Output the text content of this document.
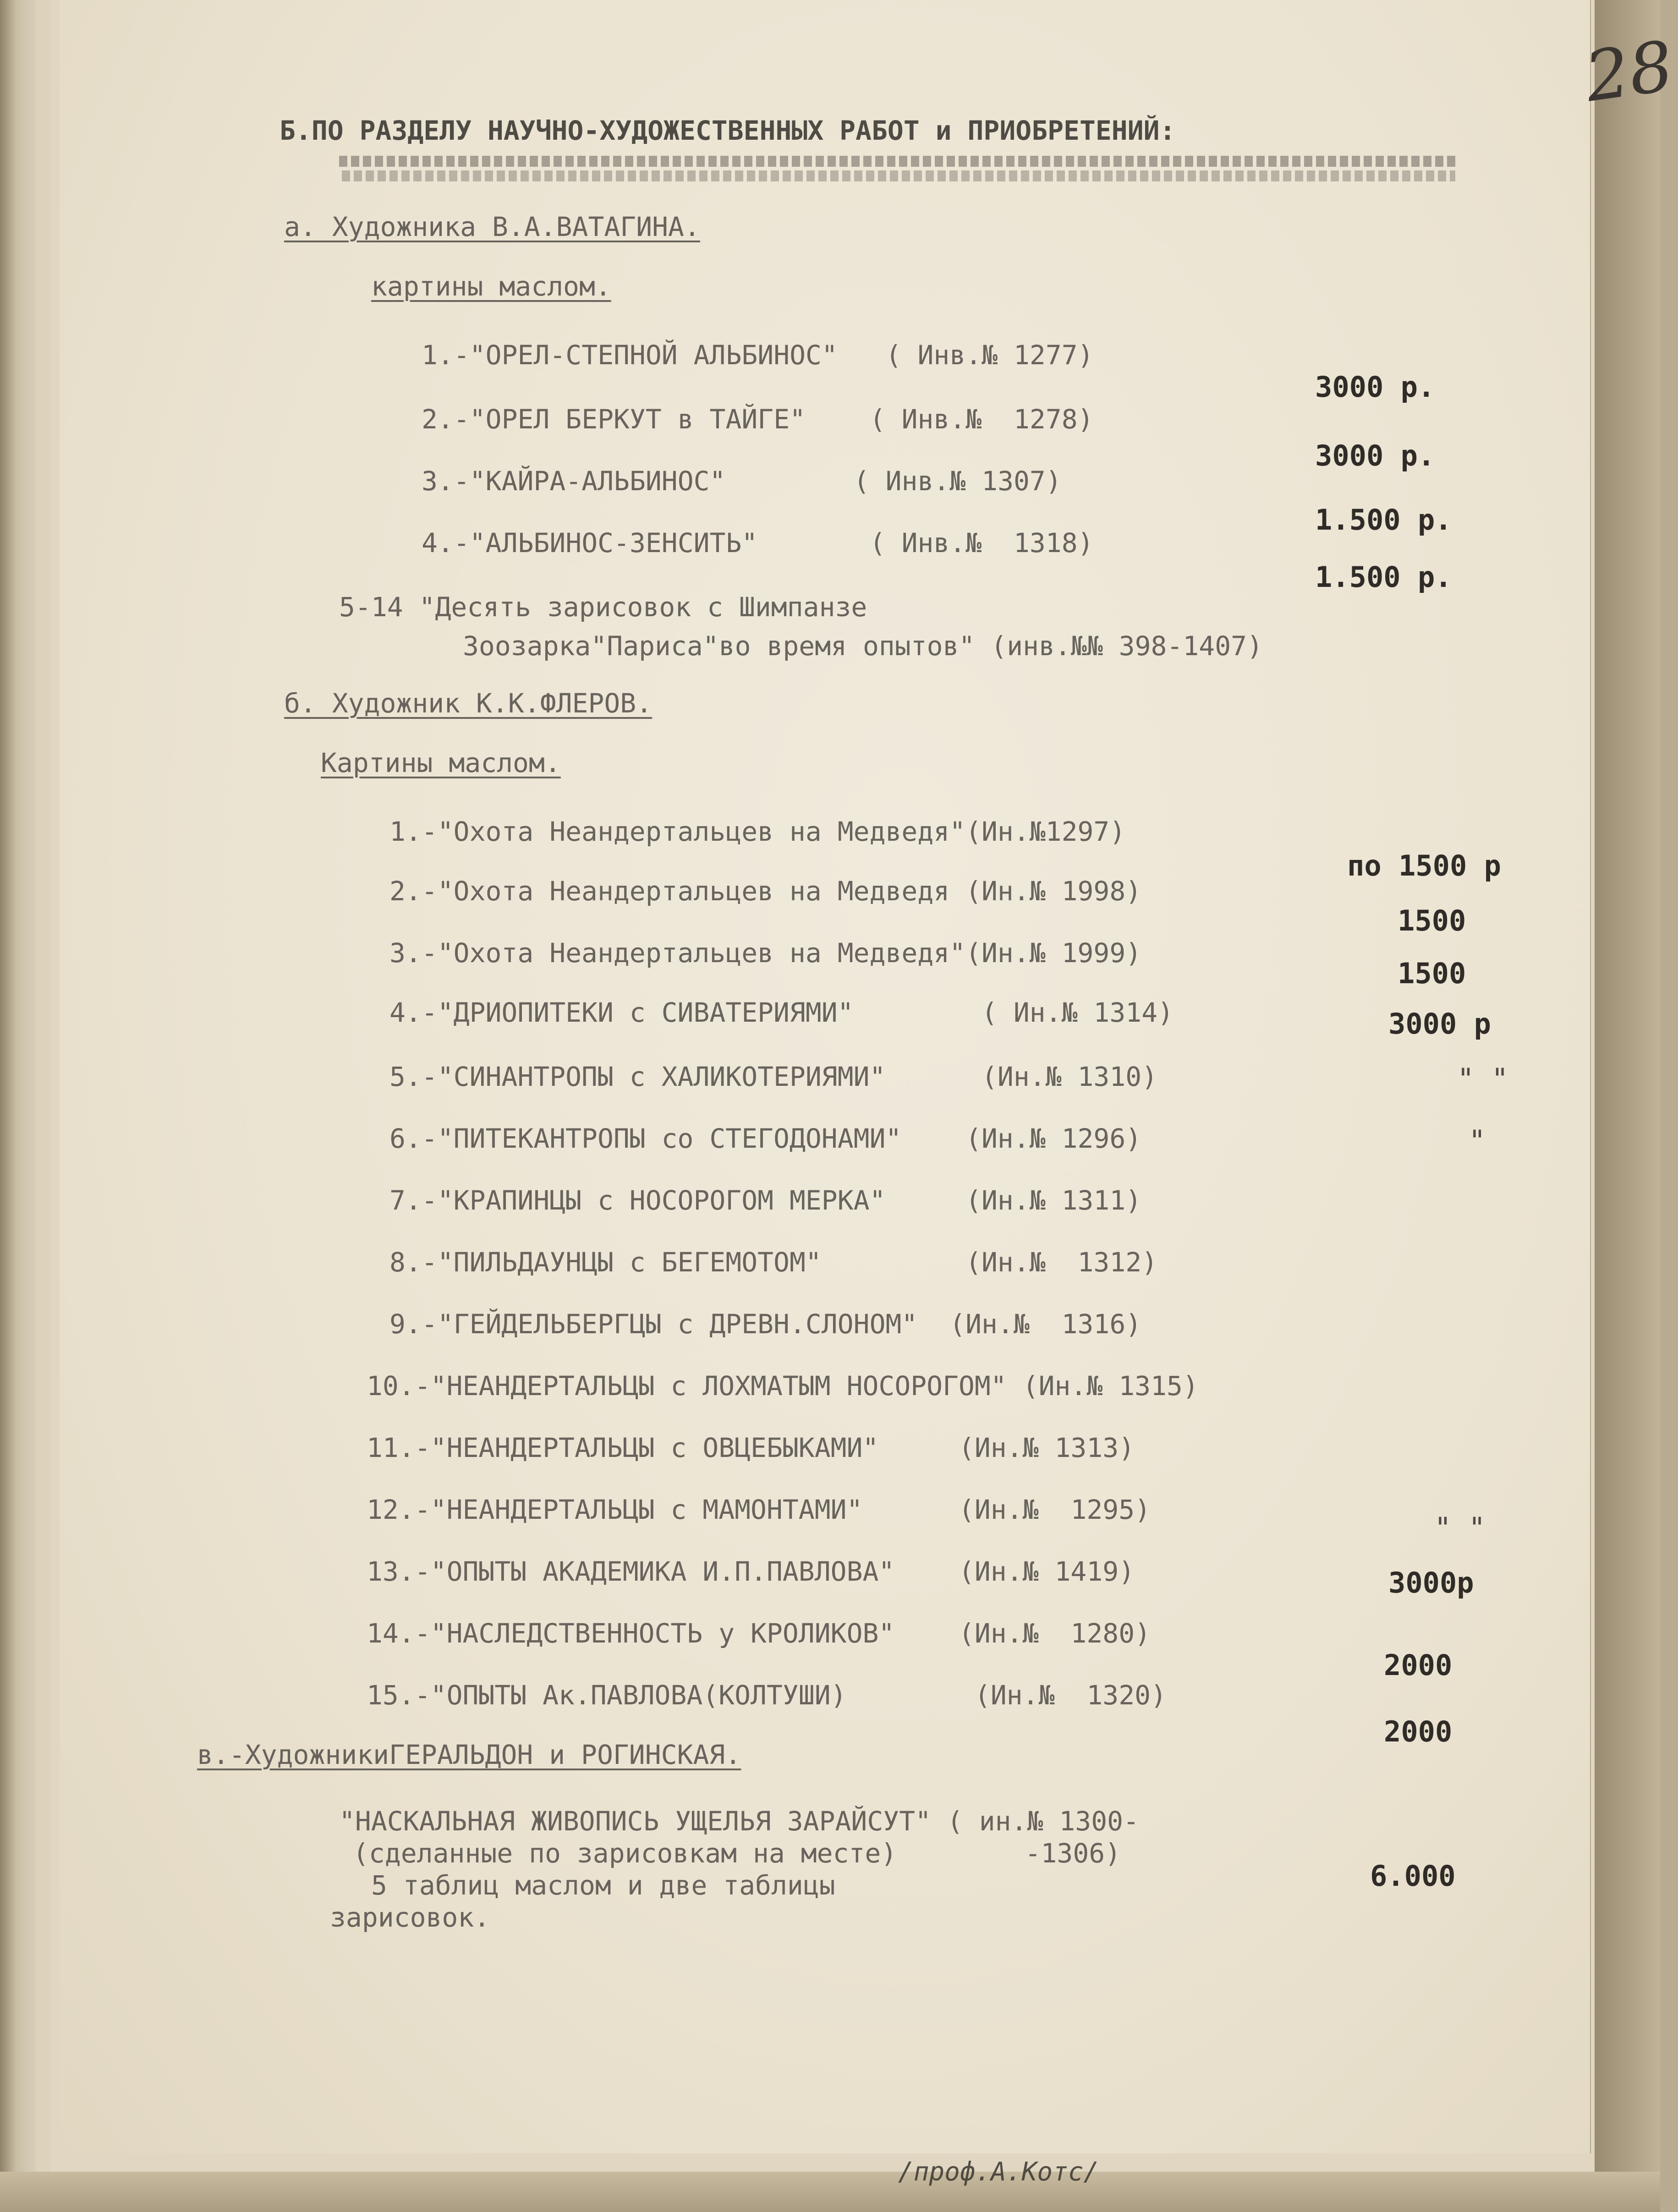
/проф.А.Котс/

28

Б.ПО РАЗДЕЛУ НАУЧНО-ХУДОЖЕСТВЕННЫХ РАБОТ и ПРИОБРЕТЕНИЙ:

а. Художника В.А.ВАТАГИНА.

картины маслом.

1.-"ОРЕЛ-СТЕПНОЙ АЛЬБИНОС"   ( Инв.№ 1277)

2.-"ОРЕЛ БЕРКУТ в ТАЙГЕ"    ( Инв.№  1278)

3.-"КАЙРА-АЛЬБИНОС"        ( Инв.№ 1307)

4.-"АЛЬБИНОС-ЗЕНСИТЬ"       ( Инв.№  1318)

3000 р.

3000 р.

1.500 р.

1.500 р.

5-14 "Десять зарисовок с Шимпанзе

Зоозарка"Париса"во время опытов" (инв.№№ 398-1407)

б. Художник К.К.ФЛЕРОВ.

Картины маслом.

1.-"Охота Неандертальцев на Медведя"(Ин.№1297)

2.-"Охота Неандертальцев на Медведя (Ин.№ 1998)

3.-"Охота Неандертальцев на Медведя"(Ин.№ 1999)

4.-"ДРИОПИТЕКИ с СИВАТЕРИЯМИ"        ( Ин.№ 1314)

5.-"СИНАНТРОПЫ с ХАЛИКОТЕРИЯМИ"      (Ин.№ 1310)

6.-"ПИТЕКАНТРОПЫ со СТЕГОДОНАМИ"    (Ин.№ 1296)

7.-"КРАПИНЦЫ с НОСОРОГОМ МЕРКА"     (Ин.№ 1311)

8.-"ПИЛЬДАУНЦЫ с БЕГЕМОТОМ"         (Ин.№  1312)

9.-"ГЕЙДЕЛЬБЕРГЦЫ с ДРЕВН.СЛОНОМ"  (Ин.№  1316)

10.-"НЕАНДЕРТАЛЬЦЫ с ЛОХМАТЫМ НОСОРОГОМ" (Ин.№ 1315)

11.-"НЕАНДЕРТАЛЬЦЫ с ОВЦЕБЫКАМИ"     (Ин.№ 1313)

12.-"НЕАНДЕРТАЛЬЦЫ с МАМОНТАМИ"      (Ин.№  1295)

13.-"ОПЫТЫ АКАДЕМИКА И.П.ПАВЛОВА"    (Ин.№ 1419)

14.-"НАСЛЕДСТВЕННОСТЬ у КРОЛИКОВ"    (Ин.№  1280)

15.-"ОПЫТЫ Ак.ПАВЛОВА(КОЛТУШИ)        (Ин.№  1320)

по 1500 р

1500

1500

3000 р

" "

"

" "

3000р

2000

2000

в.-ХудожникиГЕРАЛЬДОН и РОГИНСКАЯ.

"НАСКАЛЬНАЯ ЖИВОПИСЬ УЩЕЛЬЯ ЗАРАЙСУТ" ( ин.№ 1300-

(сделанные по зарисовкам на месте)        -1306)

5 таблиц маслом и две таблицы

зарисовок.

6.000
